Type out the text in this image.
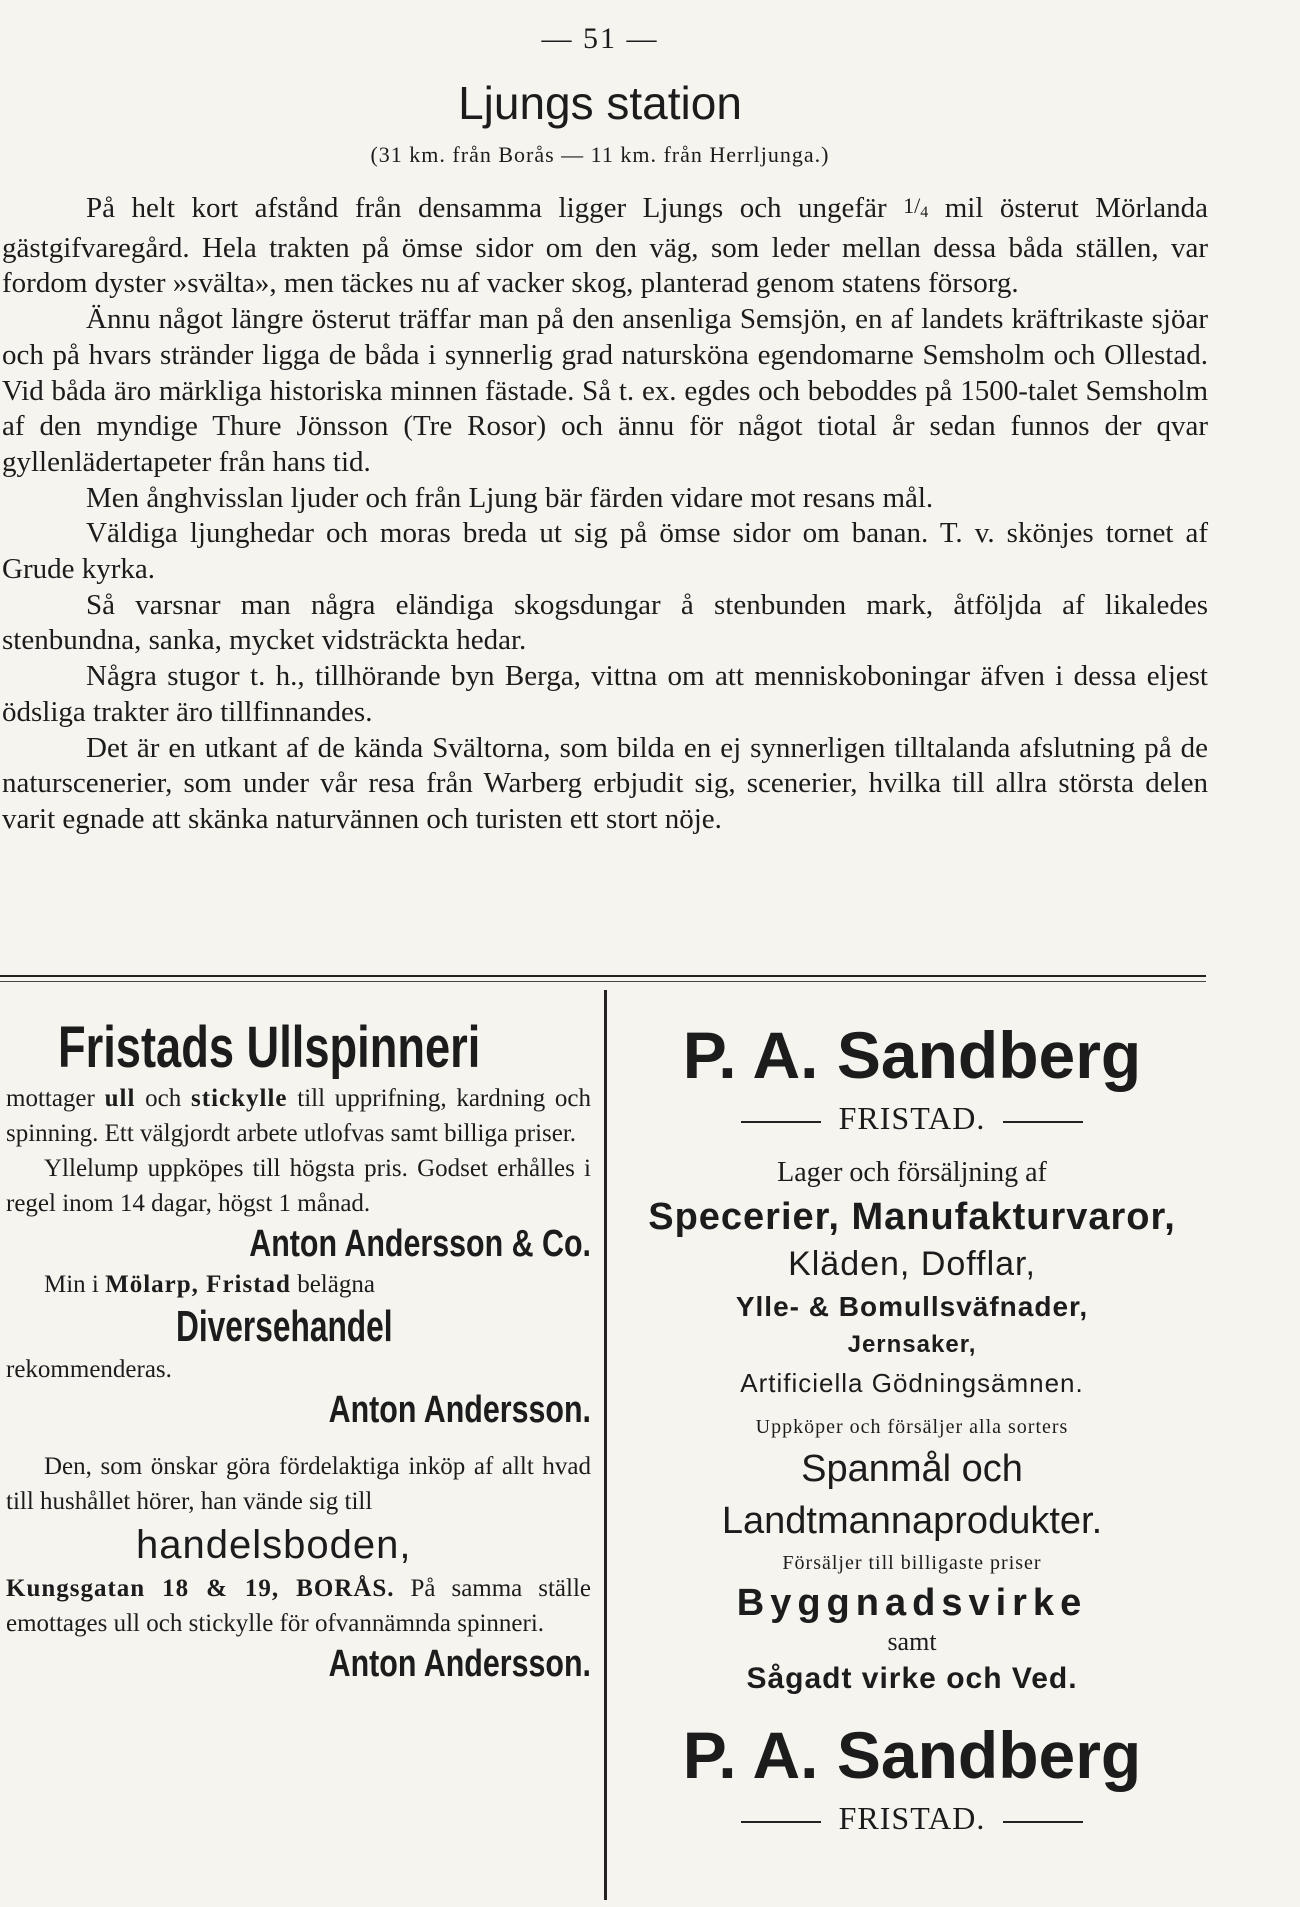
— 51 —
Ljungs station
(31 km. från Borås — 11 km. från Herrljunga.)

På helt kort afstånd från densamma ligger Ljungs och ungefär $1/_4$ mil österut Mörlanda gästgifvaregård. Hela trakten på ömse sidor om den väg, som leder mellan dessa båda ställen, var fordom dyster »svälta», men täckes nu af vacker skog, planterad genom statens försorg.

Ännu något längre österut träffar man på den ansenliga Semsjön, en af landets kräftrikaste sjöar och på hvars stränder ligga de båda i synnerlig grad natursköna egendomarne Semsholm och Ollestad. Vid båda äro märkliga historiska minnen fästade. Så t. ex. egdes och beboddes på 1500-talet Semsholm af den myndige Thure Jönsson (Tre Rosor) och ännu för något tiotal år sedan funnos der qvar gyllenlädertapeter från hans tid.

Men ånghvisslan ljuder och från Ljung bär färden vidare mot resans mål.

Väldiga ljunghedar och moras breda ut sig på ömse sidor om banan. T. v. skönjes tornet af Grude kyrka.

Så varsnar man några eländiga skogsdungar å stenbunden mark, åtföljda af likaledes stenbundna, sanka, mycket vidsträckta hedar.

Några stugor t. h., tillhörande byn Berga, vittna om att menniskoboningar äfven i dessa eljest ödsliga trakter äro tillfinnandes.

Det är en utkant af de kända Svältorna, som bilda en ej synnerligen tilltalanda afslutning på de naturscenerier, som under vår resa från Warberg erbjudit sig, scenerier, hvilka till allra största delen varit egnade att skänka naturvännen och turisten ett stort nöje.

Fristads Ullspinneri

mottager ull och stickylle till upprifning, kardning och spinning. Ett välgjordt arbete utlofvas samt billiga priser.

Yllelump uppköpes till högsta pris. Godset erhålles i regel inom 14 dagar, högst 1 månad.

Anton Andersson & Co.

Min i Mölarp, Fristad belägna

Diversehandel

rekommenderas.

Anton Andersson.

Den, som önskar göra fördelaktiga inköp af allt hvad till hushållet hörer, han vände sig till

handelsboden,

Kungsgatan 18 & 19, BORÅS. På samma ställe emottages ull och stickylle för ofvannämnda spinneri.

Anton Andersson.
P. A. Sandberg
FRISTAD.
Lager och försäljning af
Specerier, Manufakturvaror,
Kläden, Dofflar,
Ylle- & Bomullsväfnader,
Jernsaker,
Artificiella Gödningsämnen.
Uppköper och försäljer alla sorters
Spanmål och Landtmannaprodukter.
Försäljer till billigaste priser
Byggnadsvirke
samt
Sågadt virke och Ved.
P. A. Sandberg
FRISTAD.
